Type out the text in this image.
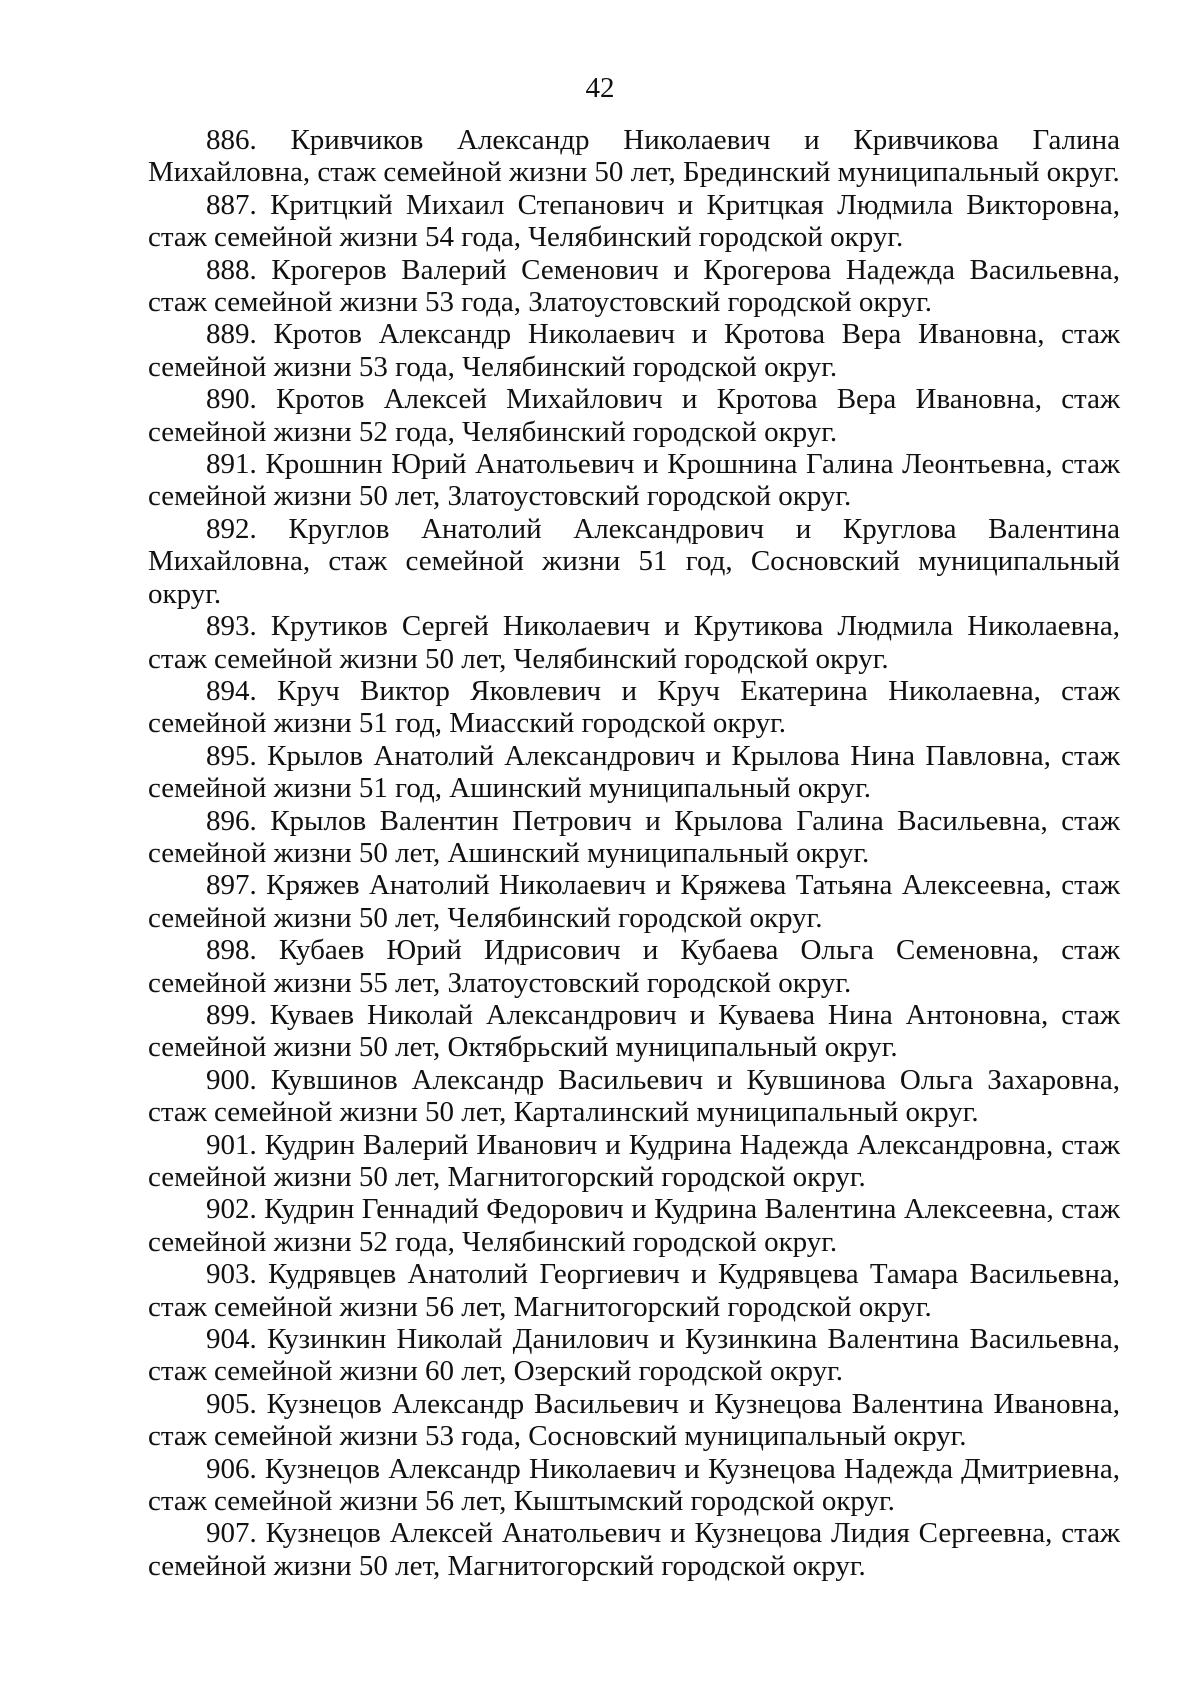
42
886. Кривчиков Александр Николаевич и Кривчикова Галина Михайловна, стаж семейной жизни 50 лет, Брединский муниципальный округ.
887. Критцкий Михаил Степанович и Критцкая Людмила Викторовна, стаж семейной жизни 54 года, Челябинский городской округ.
888. Крогеров Валерий Семенович и Крогерова Надежда Васильевна, стаж семейной жизни 53 года, Златоустовский городской округ.
889. Кротов Александр Николаевич и Кротова Вера Ивановна, стаж семейной жизни 53 года, Челябинский городской округ.
890. Кротов Алексей Михайлович и Кротова Вера Ивановна, стаж семейной жизни 52 года, Челябинский городской округ.
891. Крошнин Юрий Анатольевич и Крошнина Галина Леонтьевна, стаж семейной жизни 50 лет, Златоустовский городской округ.
892. Круглов Анатолий Александрович и Круглова Валентина Михайловна, стаж семейной жизни 51 год, Сосновский муниципальный округ.
893. Крутиков Сергей Николаевич и Крутикова Людмила Николаевна, стаж семейной жизни 50 лет, Челябинский городской округ.
894. Круч Виктор Яковлевич и Круч Екатерина Николаевна, стаж семейной жизни 51 год, Миасский городской округ.
895. Крылов Анатолий Александрович и Крылова Нина Павловна, стаж семейной жизни 51 год, Ашинский муниципальный округ.
896. Крылов Валентин Петрович и Крылова Галина Васильевна, стаж семейной жизни 50 лет, Ашинский муниципальный округ.
897. Кряжев Анатолий Николаевич и Кряжева Татьяна Алексеевна, стаж семейной жизни 50 лет, Челябинский городской округ.
898. Кубаев Юрий Идрисович и Кубаева Ольга Семеновна, стаж семейной жизни 55 лет, Златоустовский городской округ.
899. Куваев Николай Александрович и Куваева Нина Антоновна, стаж семейной жизни 50 лет, Октябрьский муниципальный округ.
900. Кувшинов Александр Васильевич и Кувшинова Ольга Захаровна, стаж семейной жизни 50 лет, Карталинский муниципальный округ.
901. Кудрин Валерий Иванович и Кудрина Надежда Александровна, стаж семейной жизни 50 лет, Магнитогорский городской округ.
902. Кудрин Геннадий Федорович и Кудрина Валентина Алексеевна, стаж семейной жизни 52 года, Челябинский городской округ.
903. Кудрявцев Анатолий Георгиевич и Кудрявцева Тамара Васильевна, стаж семейной жизни 56 лет, Магнитогорский городской округ.
904. Кузинкин Николай Данилович и Кузинкина Валентина Васильевна, стаж семейной жизни 60 лет, Озерский городской округ.
905. Кузнецов Александр Васильевич и Кузнецова Валентина Ивановна, стаж семейной жизни 53 года, Сосновский муниципальный округ.
906. Кузнецов Александр Николаевич и Кузнецова Надежда Дмитриевна, стаж семейной жизни 56 лет, Кыштымский городской округ.
907. Кузнецов Алексей Анатольевич и Кузнецова Лидия Сергеевна, стаж семейной жизни 50 лет, Магнитогорский городской округ.
